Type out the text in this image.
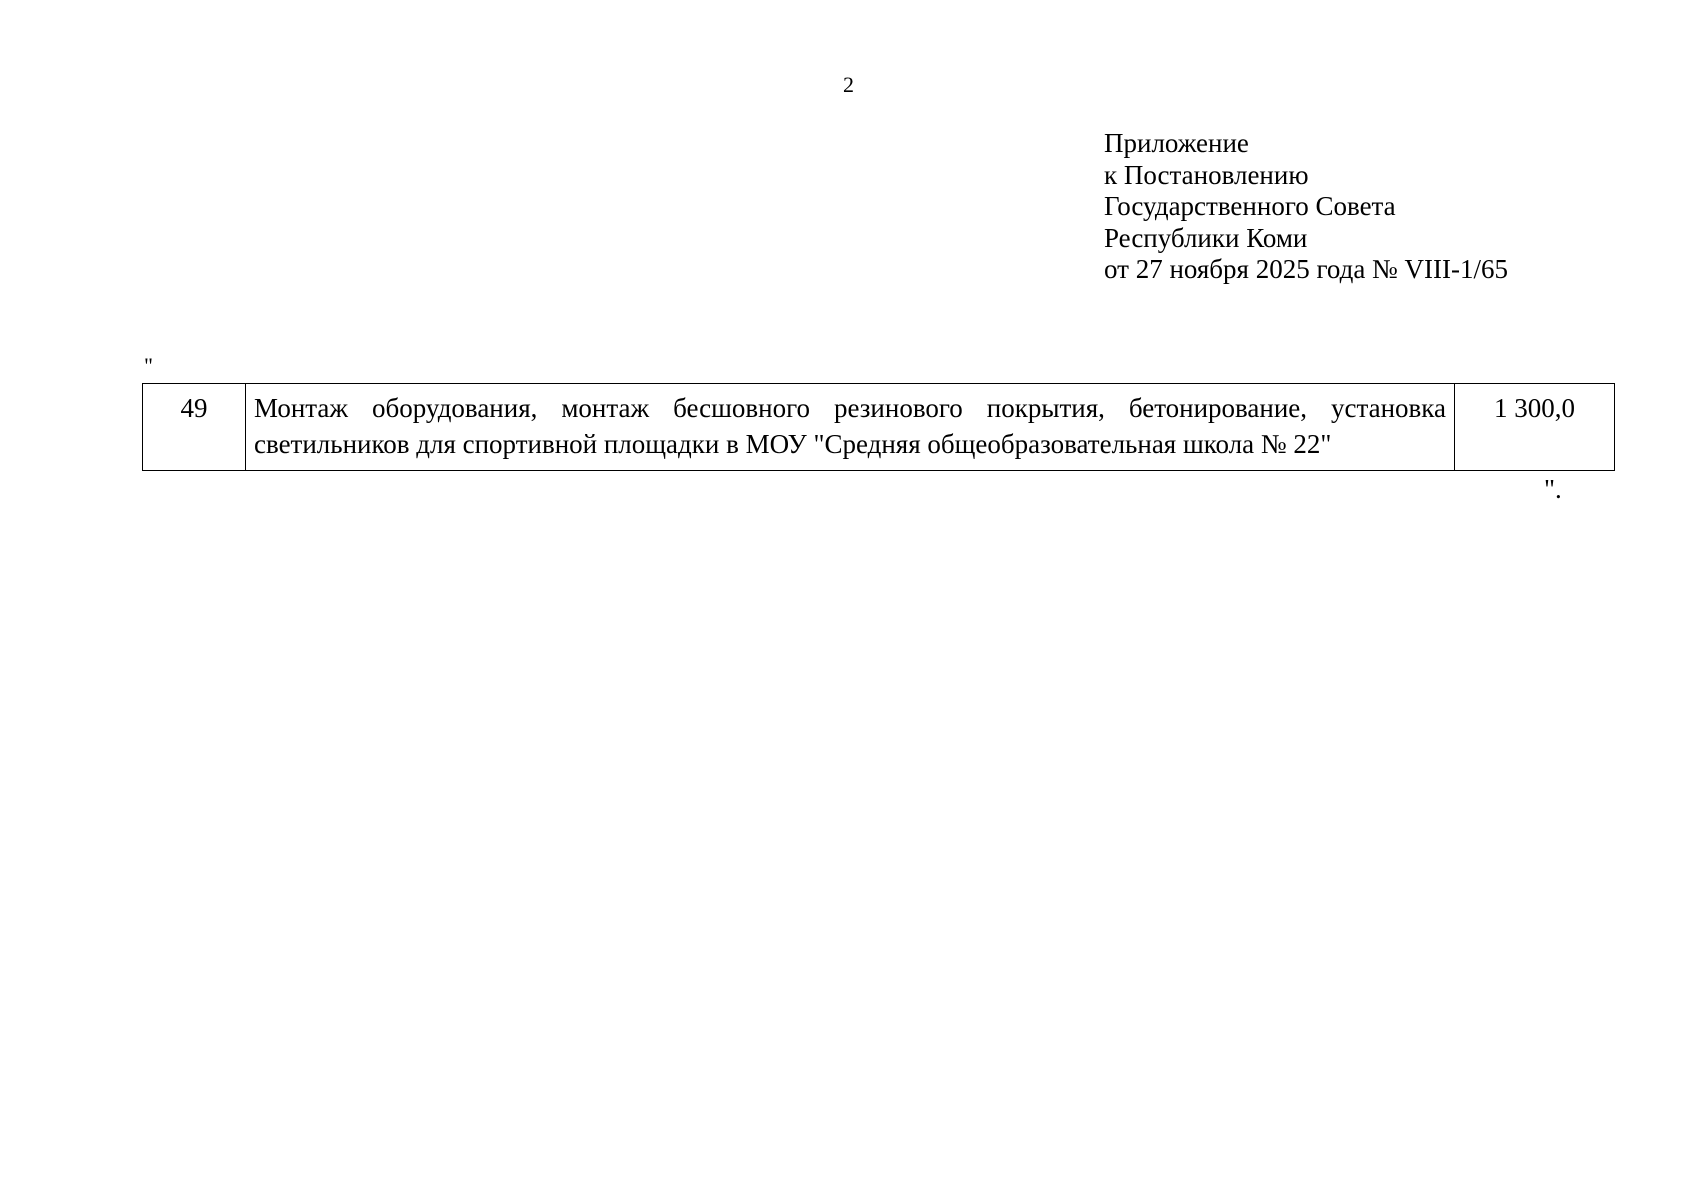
2
Приложение
к Постановлению
Государственного Совета
Республики Коми
от 27 ноября 2025 года № VIII-1/65
"
49	Монтаж оборудования, монтаж бесшовного резинового покрытия, бетонирование, установка светильников для спортивной площадки в МОУ "Средняя общеобразовательная школа № 22"	1 300,0
".
